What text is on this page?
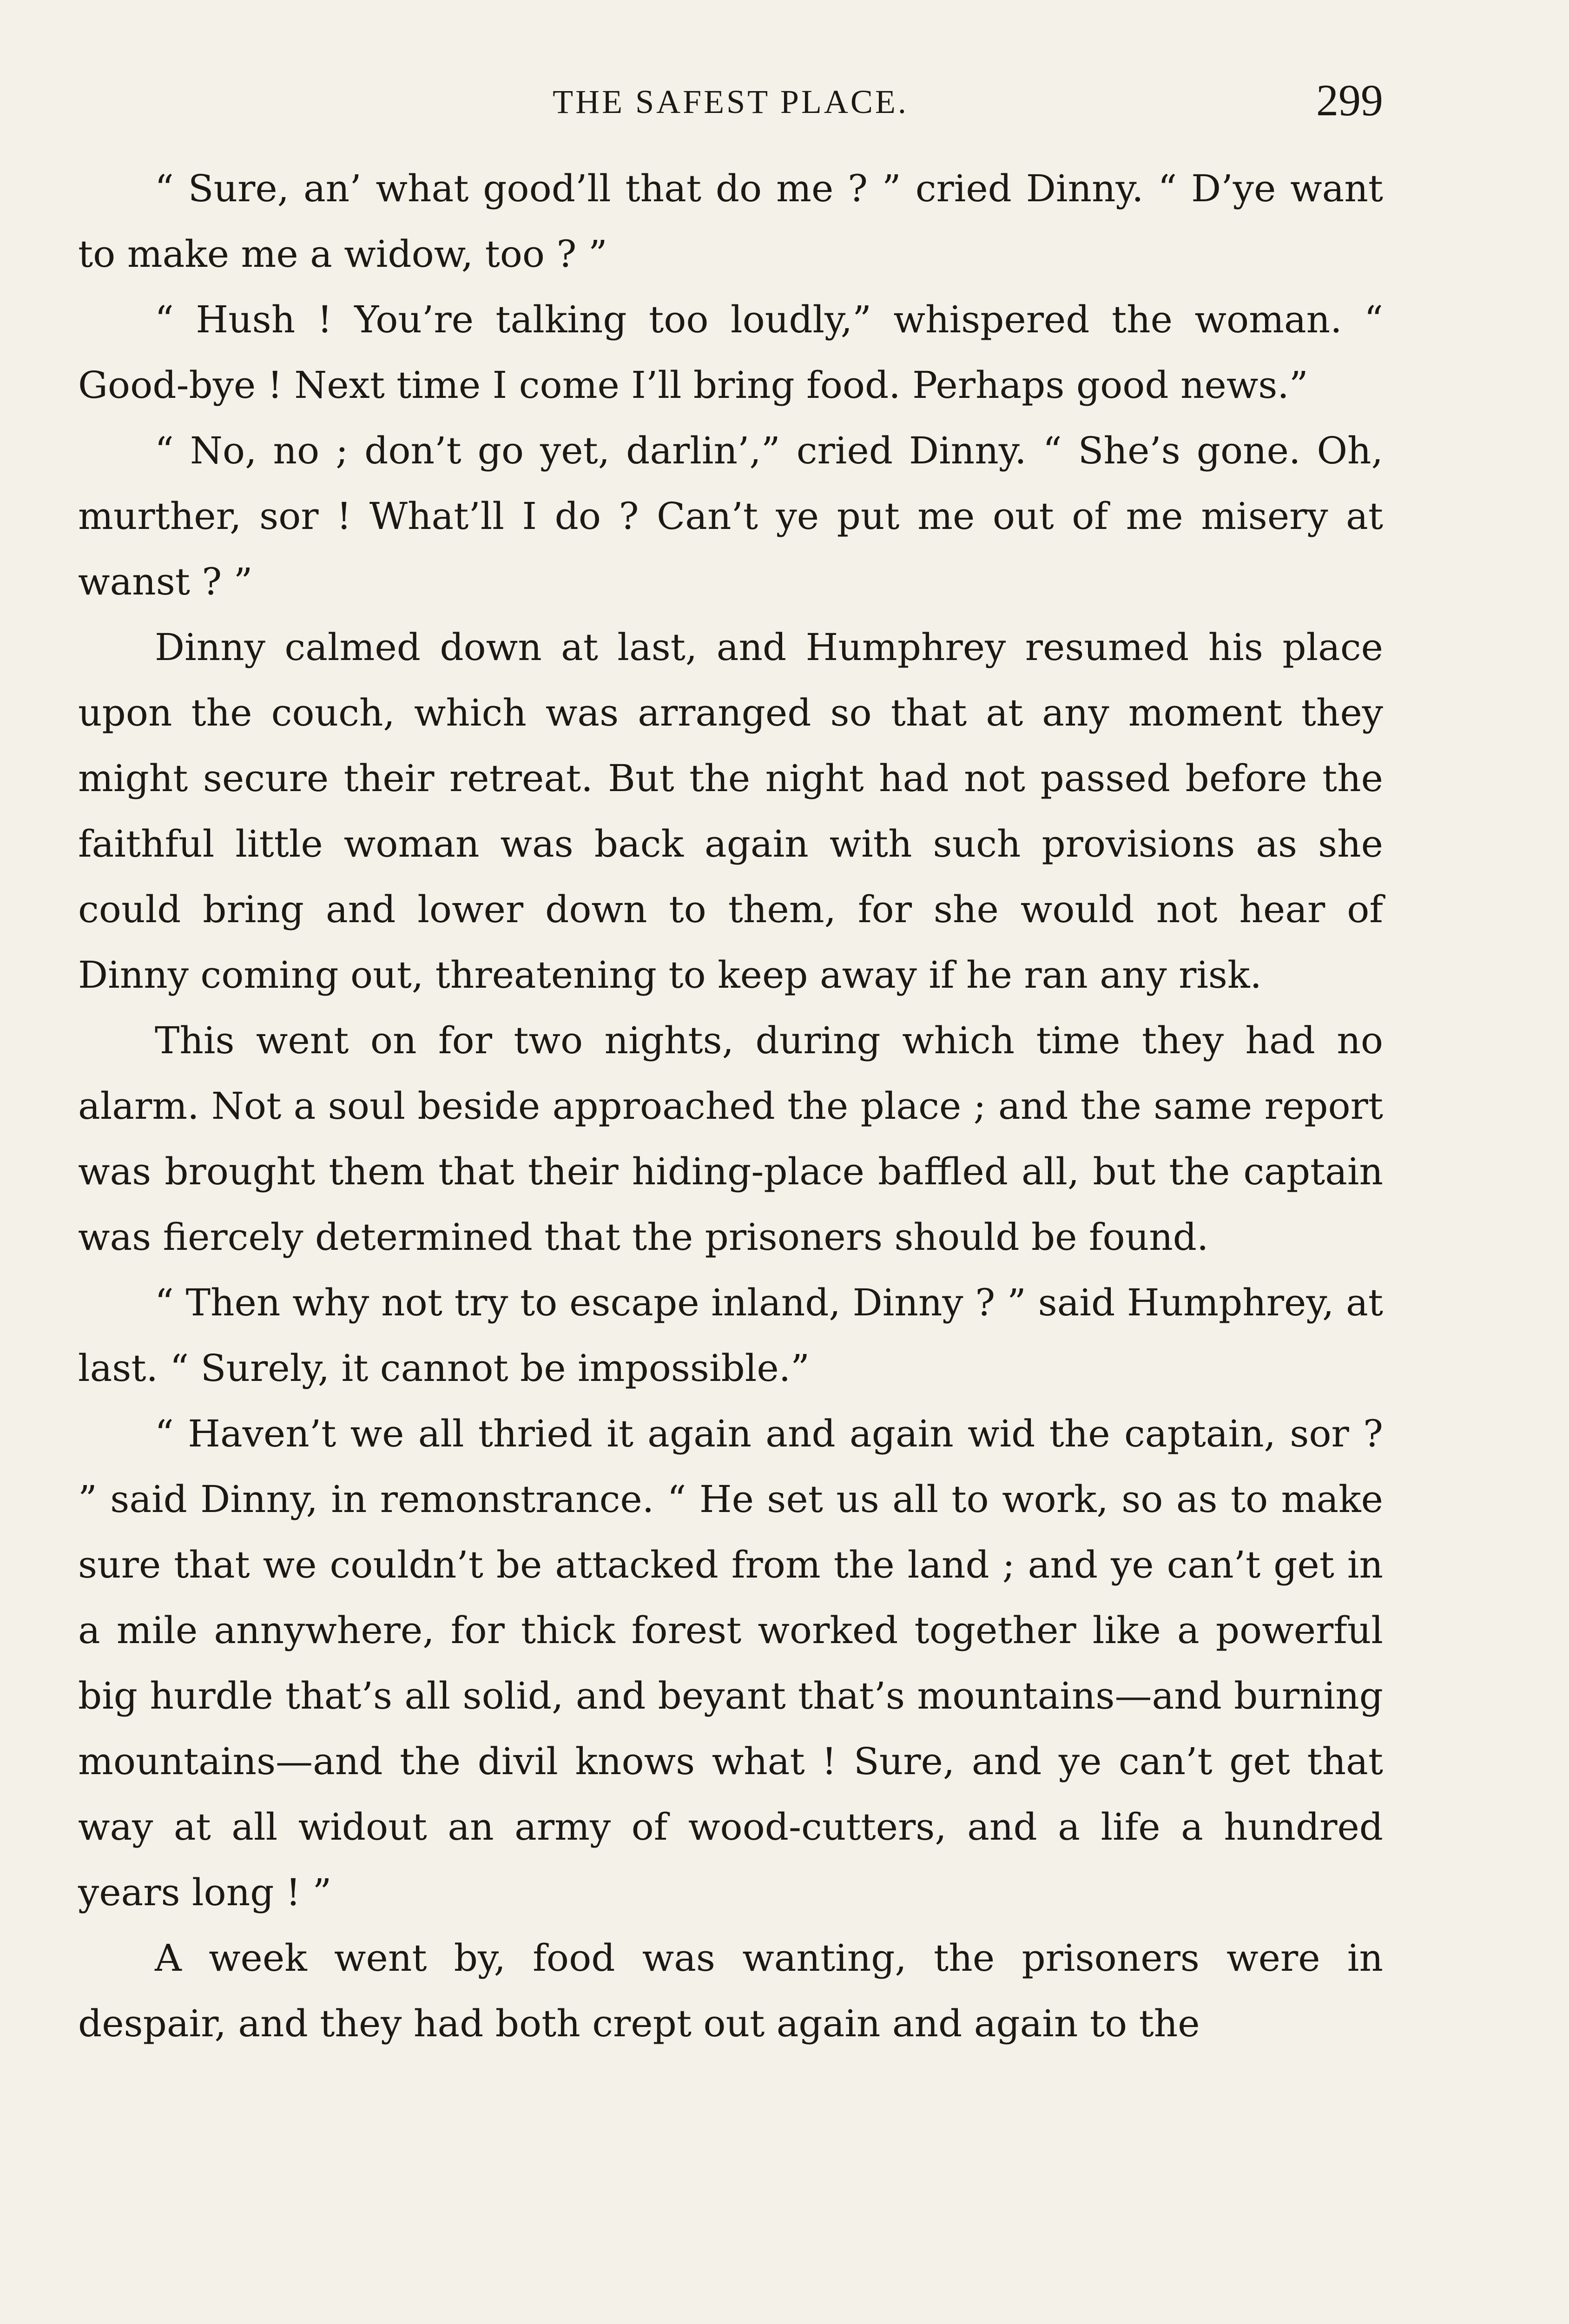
THE SAFEST PLACE.	299

“ Sure, an’ what good’ll that do me ? ” cried Dinny. “ D’ye want to make me a widow, too ? ”

“ Hush ! You’re talking too loudly,” whispered the woman. “ Good-bye ! Next time I come I’ll bring food. Perhaps good news.”

“ No, no ; don’t go yet, darlin’,” cried Dinny. “ She’s gone. Oh, murther, sor ! What’ll I do ? Can’t ye put me out of me misery at wanst ? ”

Dinny calmed down at last, and Humphrey resumed his place upon the couch, which was arranged so that at any moment they might secure their retreat. But the night had not passed before the faithful little woman was back again with such provisions as she could bring and lower down to them, for she would not hear of Dinny coming out, threatening to keep away if he ran any risk.

This went on for two nights, during which time they had no alarm. Not a soul beside approached the place ; and the same report was brought them that their hiding-place baffled all, but the captain was fiercely determined that the prisoners should be found.

“ Then why not try to escape inland, Dinny ? ” said Humphrey, at last. “ Surely, it cannot be impossible.”

“ Haven’t we all thried it again and again wid the captain, sor ? ” said Dinny, in remonstrance. “ He set us all to work, so as to make sure that we couldn’t be attacked from the land ; and ye can’t get in a mile annywhere, for thick forest worked together like a powerful big hurdle that’s all solid, and beyant that’s mountains—and burning mountains—and the divil knows what ! Sure, and ye can’t get that way at all widout an army of wood-cutters, and a life a hundred years long ! ”

A week went by, food was wanting, the prisoners were in despair, and they had both crept out again and again to the
